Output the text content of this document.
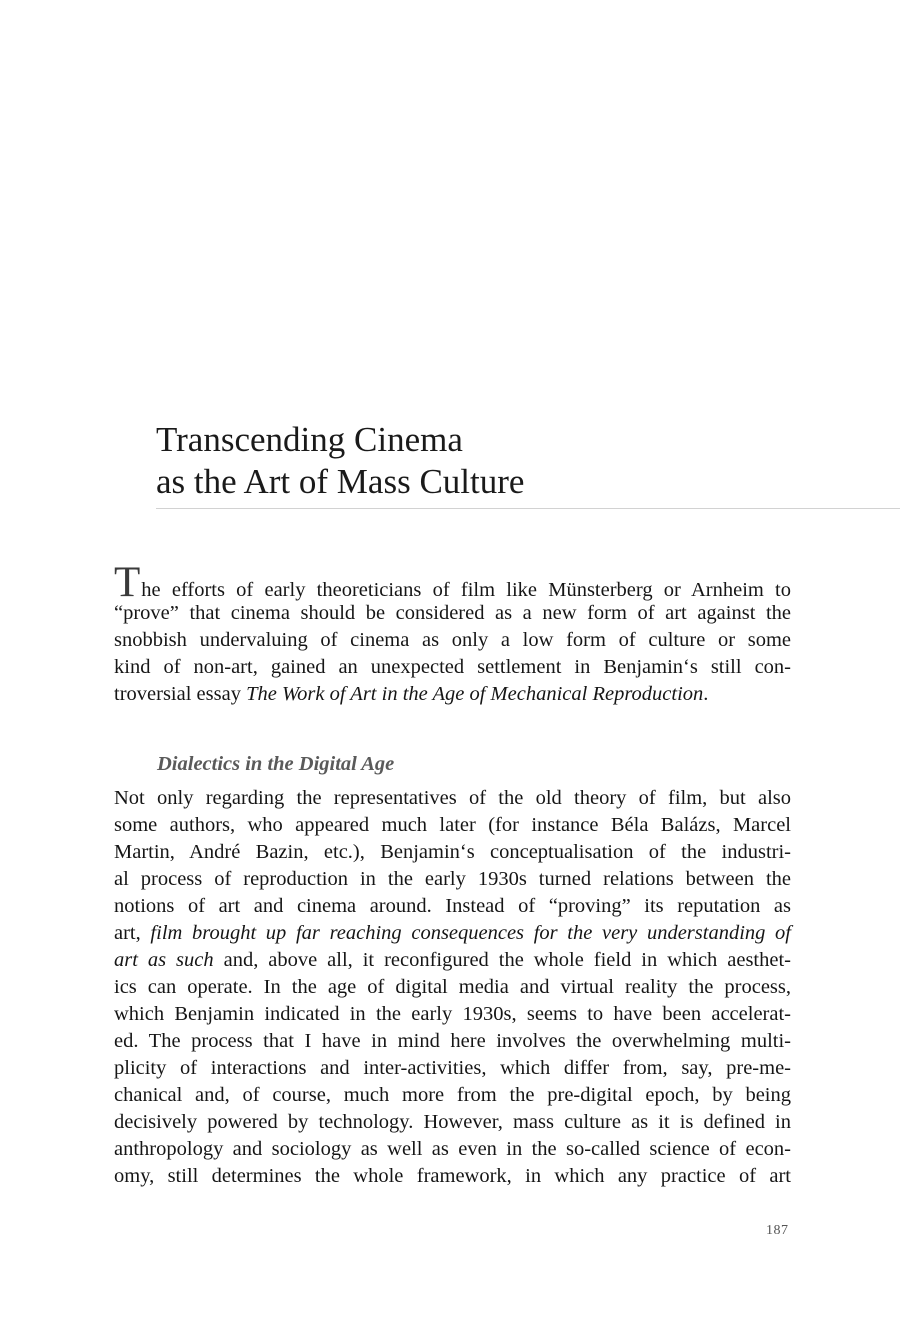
Transcending Cinema
as the Art of Mass Culture

The efforts of early theoreticians of film like Münsterberg or Arnheim to
“prove” that cinema should be considered as a new form of art against the
snobbish undervaluing of cinema as only a low form of culture or some
kind of non-art, gained an unexpected settlement in Benjamin‘s still con-
troversial essay The Work of Art in the Age of Mechanical Reproduction.

Dialectics in the Digital Age

Not only regarding the representatives of the old theory of film, but also
some authors, who appeared much later (for instance Béla Balázs, Marcel
Martin, André Bazin, etc.), Benjamin‘s conceptualisation of the industri-
al process of reproduction in the early 1930s turned relations between the
notions of art and cinema around. Instead of “proving” its reputation as
art, film brought up far reaching consequences for the very understanding of
art as such and, above all, it reconfigured the whole field in which aesthet-
ics can operate. In the age of digital media and virtual reality the process,
which Benjamin indicated in the early 1930s, seems to have been accelerat-
ed. The process that I have in mind here involves the overwhelming multi-
plicity of interactions and inter-activities, which differ from, say, pre-me-
chanical and, of course, much more from the pre-digital epoch, by being
decisively powered by technology. However, mass culture as it is defined in
anthropology and sociology as well as even in the so-called science of econ-
omy, still determines the whole framework, in which any practice of art

187
